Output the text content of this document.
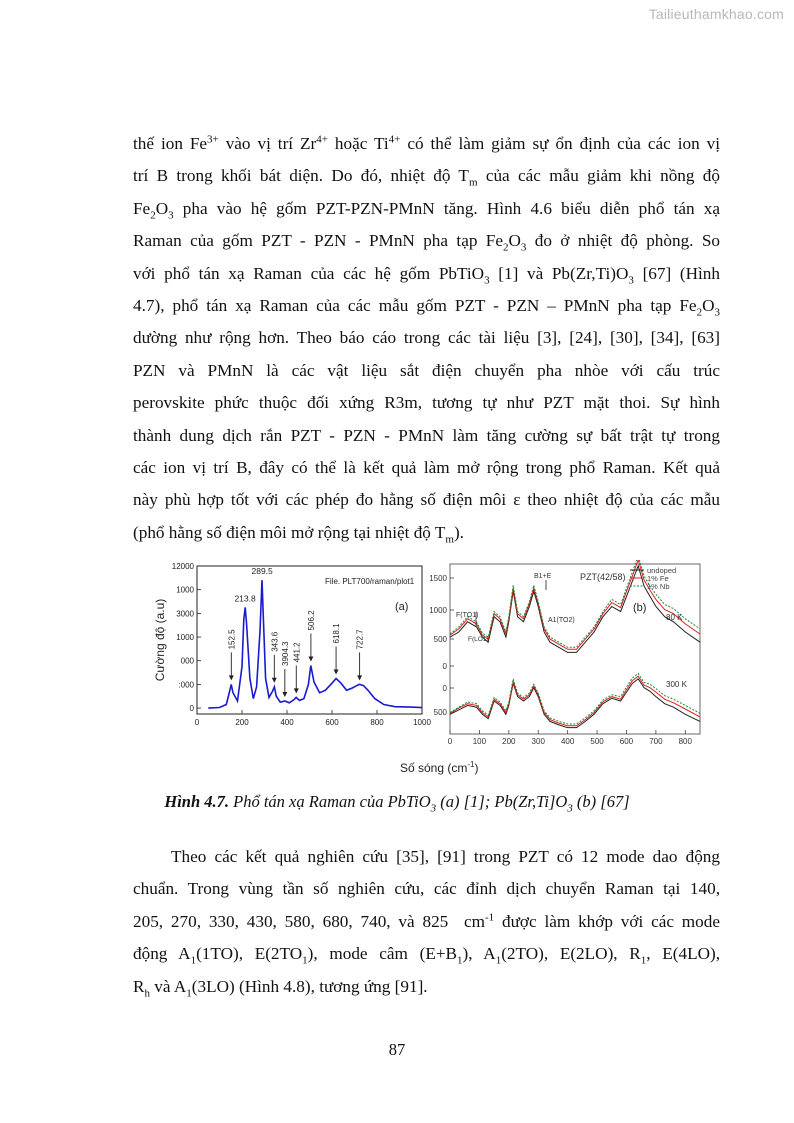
Tailieuthamkhao.com

thế ion $Fe^{3+}$ vào vị trí $Zr^{4+}$ hoặc $Ti^{4+}$ có thể làm giảm sự ổn định của các ion vị
trí B trong khối bát diện. Do đó, nhiệt độ $T_m$ của các mẫu giảm khi nồng độ
$Fe_2O_3$ pha vào hệ gốm PZT-PZN-PMnN tăng. Hình 4.6 biểu diễn phổ tán xạ
Raman của gốm PZT - PZN - PMnN pha tạp $Fe_2O_3$ đo ở nhiệt độ phòng. So
với phổ tán xạ Raman của các hệ gốm PbTiO$_3$ [1] và $Pb(Zr,Ti)O_3$ [67] (Hình
4.7), phổ tán xạ Raman của các mẫu gốm PZT - PZN – PMnN pha tạp $Fe_2O_3$
dường như rộng hơn. Theo báo cáo trong các tài liệu [3], [24], [30], [34], [63]
PZN và PMnN là các vật liệu sắt điện chuyển pha nhòe với cấu trúc
perovskite phức thuộc đối xứng R3m, tương tự như PZT mặt thoi. Sự hình
thành dung dịch rắn PZT - PZN - PMnN làm tăng cường sự bất trật tự trong
các ion vị trí B, đây có thể là kết quả làm mở rộng trong phổ Raman. Kết quả
này phù hợp tốt với các phép đo hằng số điện môi ε theo nhiệt độ của các mẫu
(phổ hằng số điện môi mở rộng tại nhiệt độ $T_m$).

0
:000
000
1000
3000
1000
12000
0	200	400	600	800	1000
152.5
213.8
289.5
343.6 3904.3 441.2
506.2
618.1 722.7
File. PLT700/raman/plot1
(a)
Cường độ (a.u)	0
500
1000
1500
0
500
0	100 200 300 400 500 600 700 800
PZT(42/58)
(b)
undoped
1% Fe
1% Nb
F(TO1)
F(LO1)
B1+E
A1(TO2)	80 K
300 K
Số sóng $(cm^{-1})$
Hình 4.7. Phổ tán xạ Raman của PbTiO$_3$ (a) [1]; $Pb(Zr,Ti]O_3$ (b) [67]

Theo các kết quả nghiên cứu [35], [91] trong PZT có 12 mode dao động
chuẩn. Trong vùng tần số nghiên cứu, các đỉnh dịch chuyển Raman tại 140,
205, 270, 330, 430, 580, 680, 740, và 825  $cm^{-1}$ được làm khớp với các mode
động $A_1(1TO)$, $E(2TO_1)$, mode câm $(E+B_1)$, $A_1(2TO)$, E(2LO), $R_1$, E(4LO),
$R_h$ và $A_1(3LO)$ (Hình 4.8), tương ứng [91].

87
